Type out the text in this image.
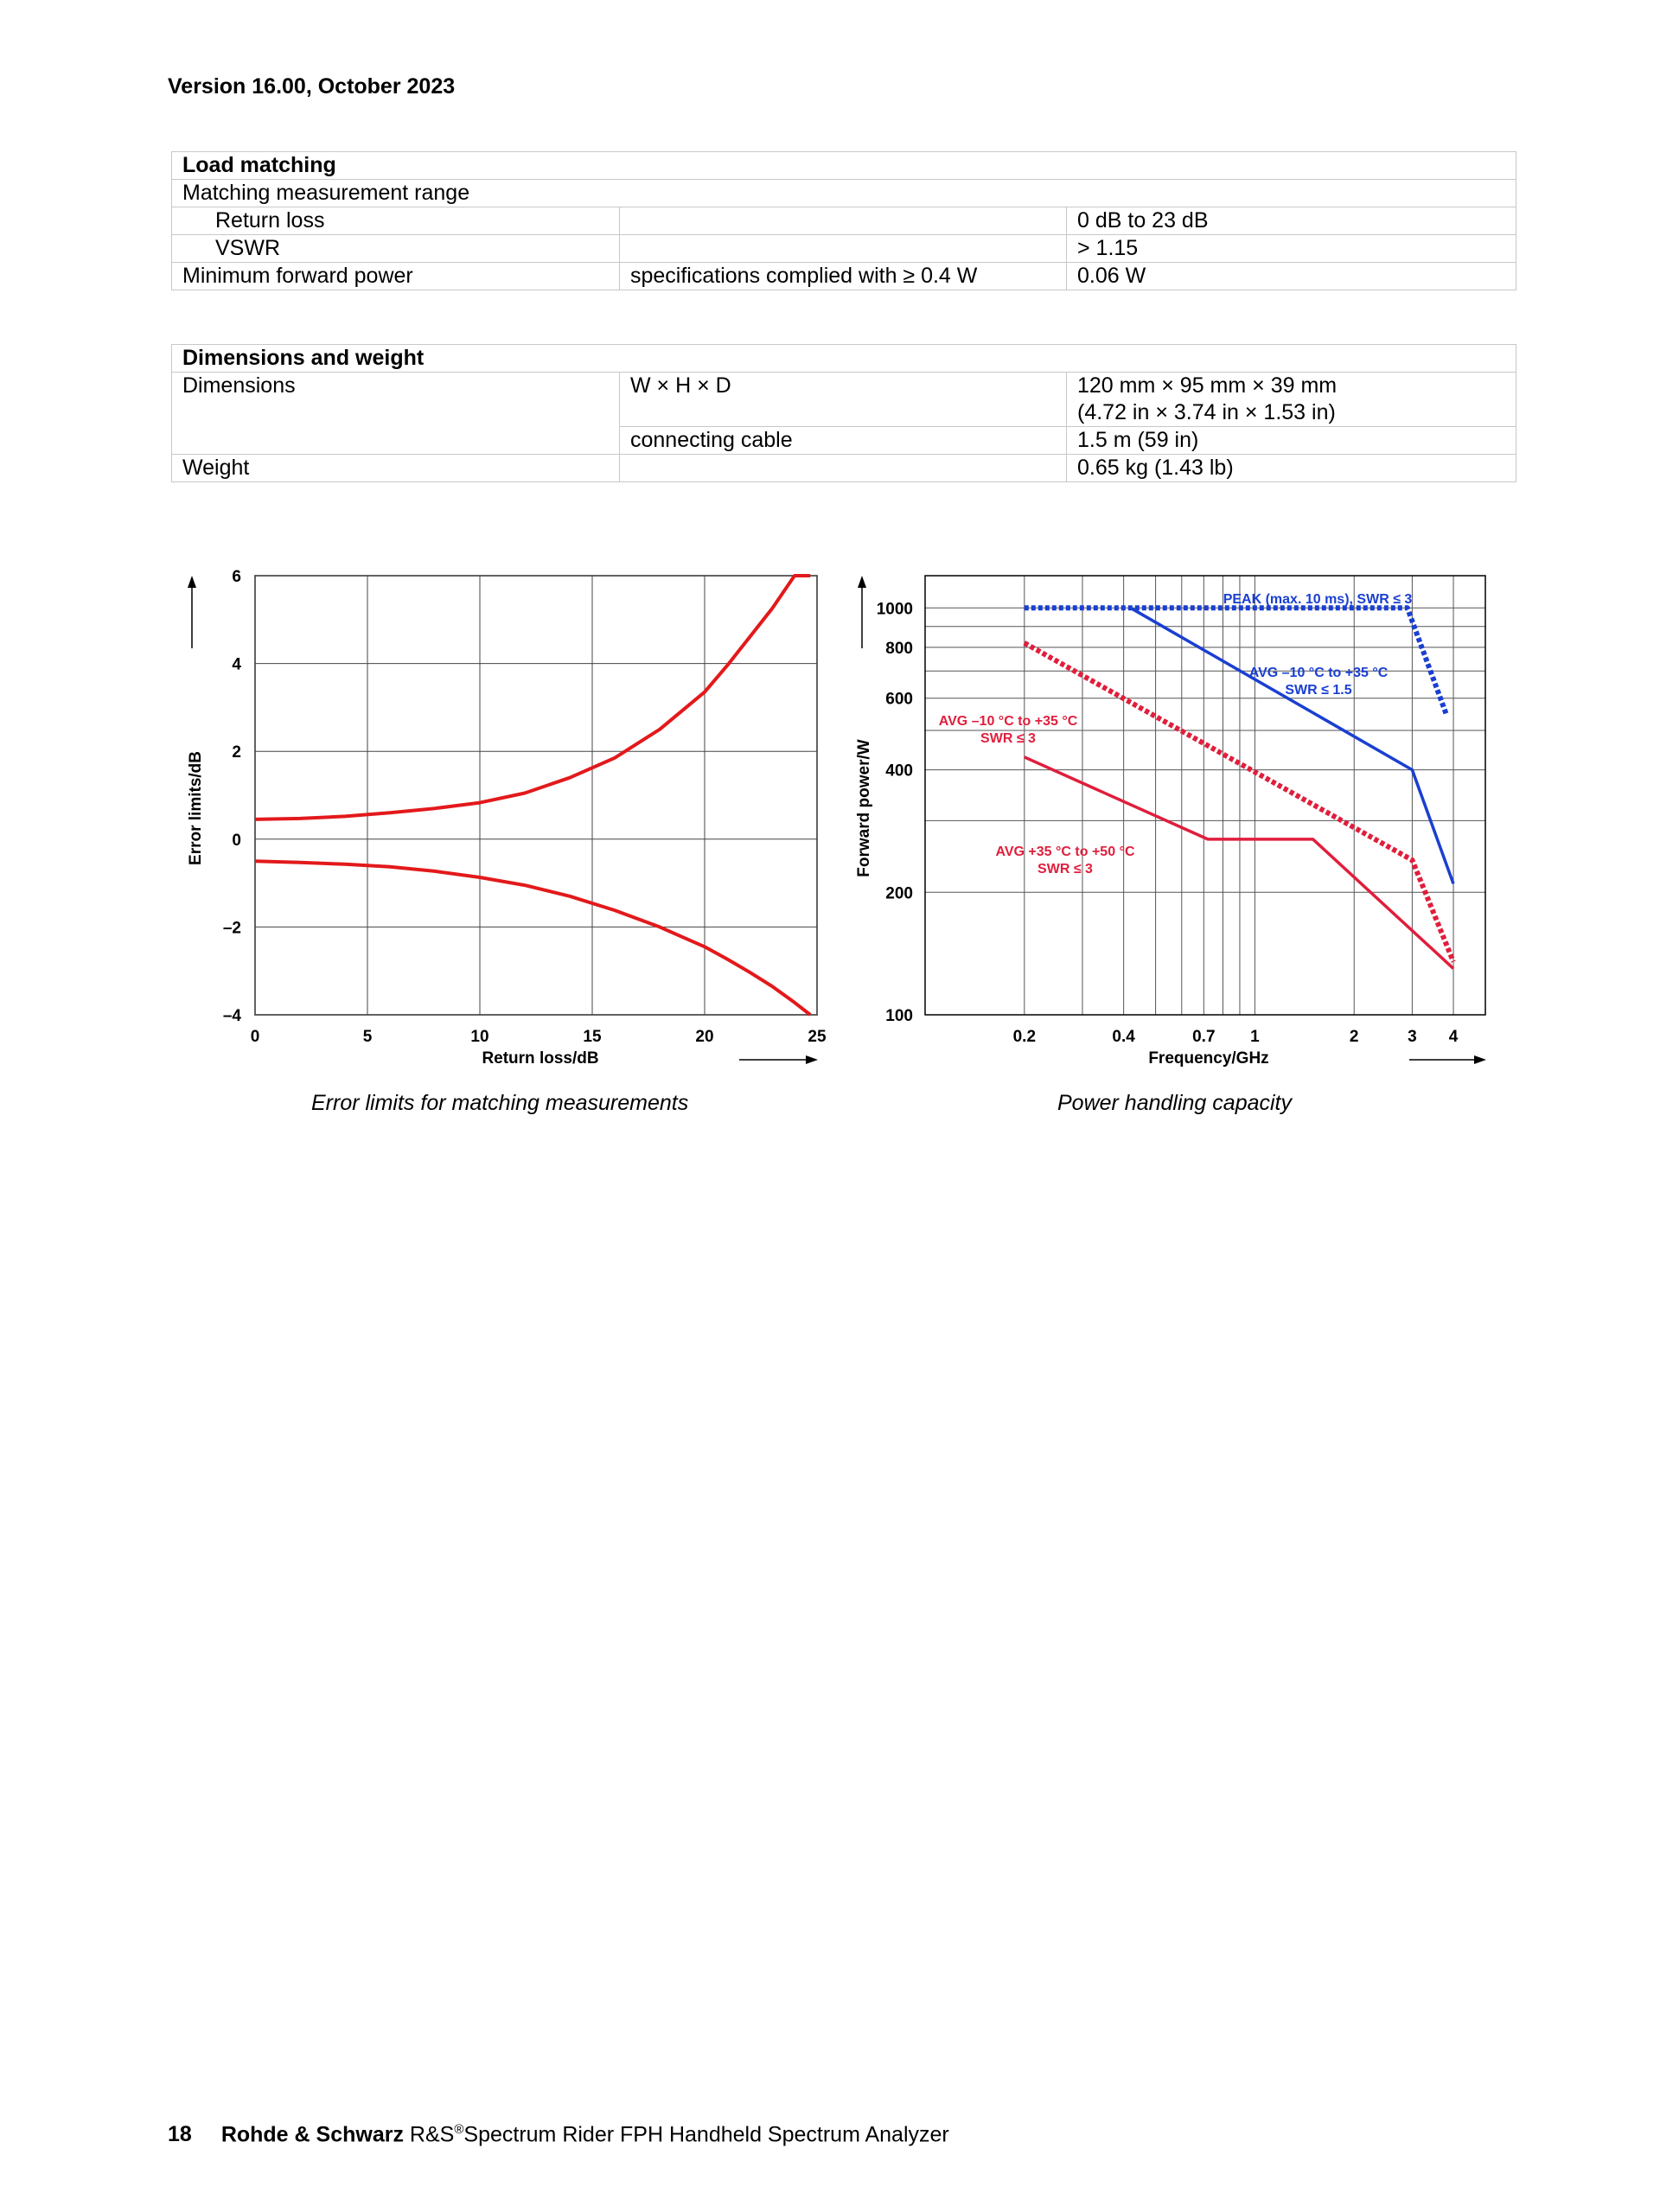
Version 16.00, October 2023
Load matching		
Matching measurement range		
Return loss		0 dB to 23 dB
VSWR		> 1.15
Minimum forward power	specifications complied with ≥ 0.4 W	0.06 W
Dimensions and weight		
Dimensions	W × H × D	120 mm × 95 mm × 39 mm
(4.72 in × 3.74 in × 1.53 in)

	connecting cable	1.5 m (59 in)
Weight		0.65 kg (1.43 lb)
0	5	10	15	20	25
6
4
2
0
–2
–4
Return loss/dB
Error limits/dB
0.2	0.4	0.7 1	2	3 4
1000
800
600
400
200
100
PEAK (max. 10 ms), SWR ≤ 3
AVG –10 °C to +35 °C
SWR ≤ 1.5
AVG –10 °C to +35 °C
SWR ≤ 3
AVG +35 °C to +50 °C
SWR ≤ 3
Frequency/GHz
Forward power/W
Error limits for matching measurements	Power handling capacity
18 Rohde & Schwarz R&S®Spectrum Rider FPH Handheld Spectrum Analyzer
